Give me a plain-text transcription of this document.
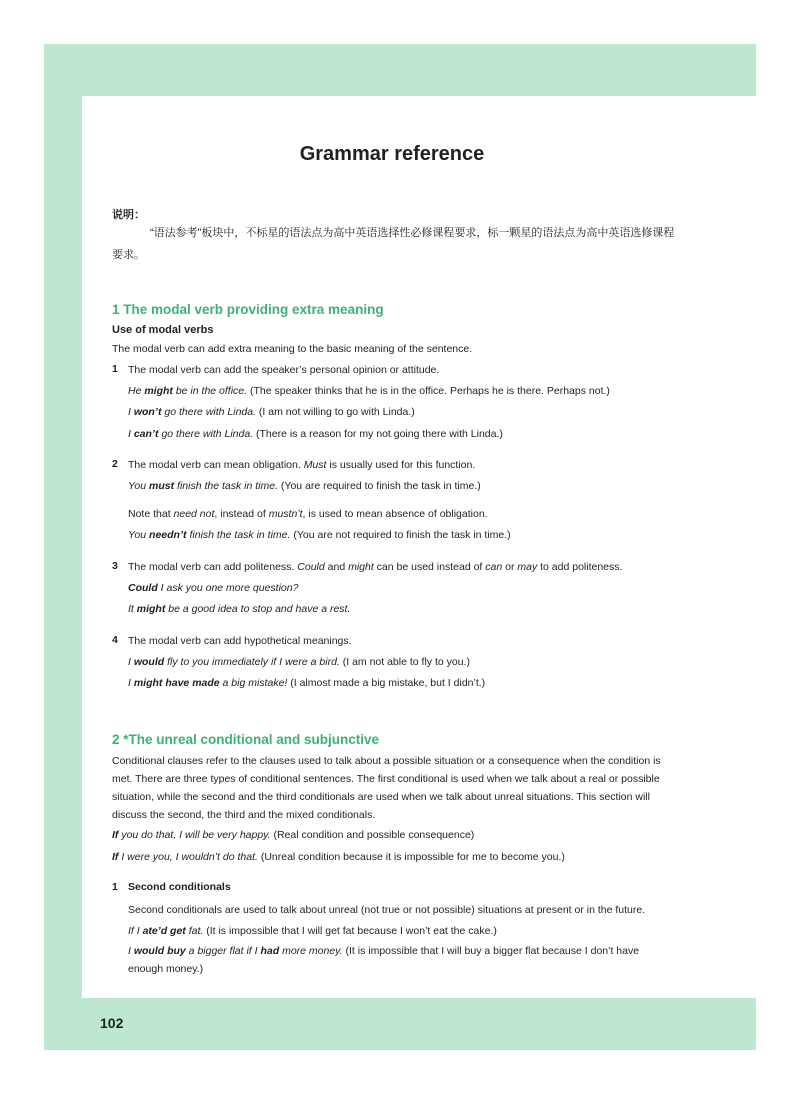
102
Grammar reference
说明：
“语法参考”板块中，不标星的语法点为高中英语选择性必修课程要求，标一颗星的语法点为高中英语选修课程要求。
1 The modal verb providing extra meaning
Use of modal verbs
The modal verb can add extra meaning to the basic meaning of the sentence.
1 The modal verb can add the speaker’s personal opinion or attitude.
He might be in the office. (The speaker thinks that he is in the office. Perhaps he is there. Perhaps not.)
I won’t go there with Linda. (I am not willing to go with Linda.)
I can’t go there with Linda. (There is a reason for my not going there with Linda.)
2 The modal verb can mean obligation. Must is usually used for this function.
You must finish the task in time. (You are required to finish the task in time.)
Note that need not, instead of mustn’t, is used to mean absence of obligation.
You needn’t finish the task in time. (You are not required to finish the task in time.)
3 The modal verb can add politeness. Could and might can be used instead of can or may to add politeness.
Could I ask you one more question?
It might be a good idea to stop and have a rest.
4 The modal verb can add hypothetical meanings.
I would fly to you immediately if I were a bird. (I am not able to fly to you.)
I might have made a big mistake! (I almost made a big mistake, but I didn’t.)
2 *The unreal conditional and subjunctive
Conditional clauses refer to the clauses used to talk about a possible situation or a consequence when the condition is met. There are three types of conditional sentences. The first conditional is used when we talk about a real or possible situation, while the second and the third conditionals are used when we talk about unreal situations. This section will discuss the second, the third and the mixed conditionals.
If you do that, I will be very happy. (Real condition and possible consequence)
If I were you, I wouldn’t do that. (Unreal condition because it is impossible for me to become you.)
1 Second conditionals
Second conditionals are used to talk about unreal (not true or not possible) situations at present or in the future.
If I ate’d get fat. (It is impossible that I will get fat because I won’t eat the cake.)
I would buy a bigger flat if I had more money. (It is impossible that I will buy a bigger flat because I don’t have enough money.)
